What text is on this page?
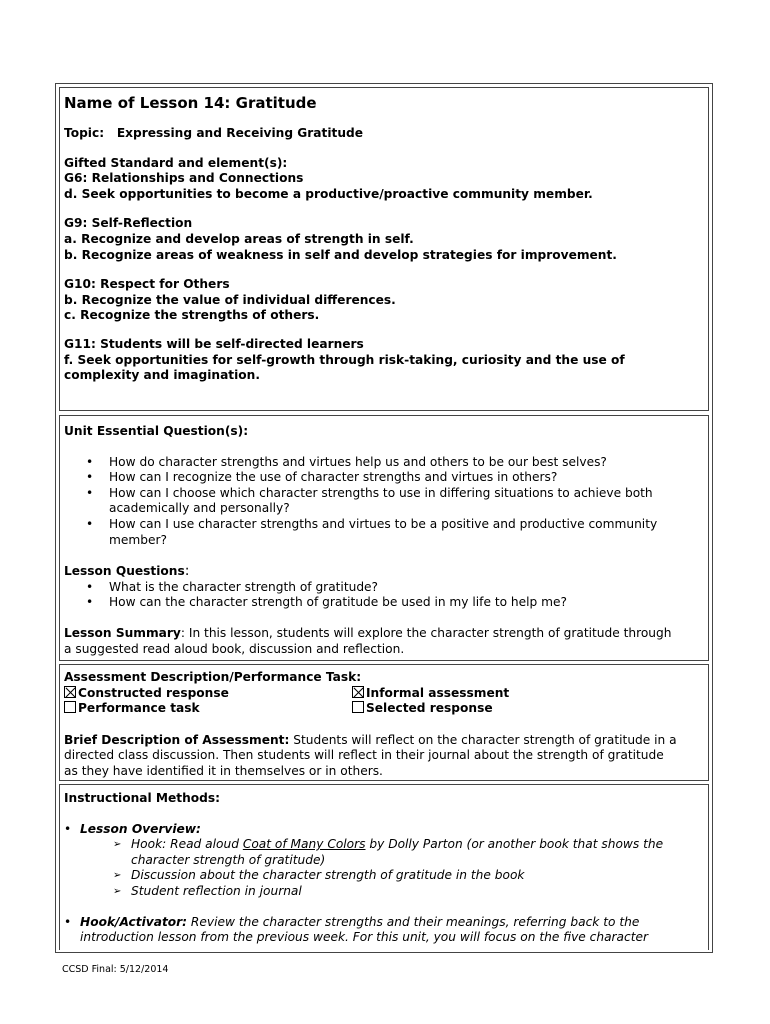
Name of Lesson 14: Gratitude

Topic: Expressing and Receiving Gratitude

Gifted Standard and element(s):

G6: Relationships and Connections

d. Seek opportunities to become a productive/proactive community member.

G9: Self-Reflection

a. Recognize and develop areas of strength in self.

b. Recognize areas of weakness in self and develop strategies for improvement.

G10: Respect for Others

b. Recognize the value of individual differences.

c. Recognize the strengths of others.

G11: Students will be self-directed learners

f. Seek opportunities for self-growth through risk-taking, curiosity and the use of

complexity and imagination.

Unit Essential Question(s):

• How do character strengths and virtues help us and others to be our best selves?
• How can I recognize the use of character strengths and virtues in others?
• How can I choose which character strengths to use in differing situations to achieve both
academically and personally?
• How can I use character strengths and virtues to be a positive and productive community
member?

Lesson Questions:

• What is the character strength of gratitude?
• How can the character strength of gratitude be used in my life to help me?

Lesson Summary: In this lesson, students will explore the character strength of gratitude through
a suggested read aloud book, discussion and reflection.

Assessment Description/Performance Task:

Constructed response	Informal assessment
Performance task	Selected response

Brief Description of Assessment: Students will reflect on the character strength of gratitude in a
directed class discussion. Then students will reflect in their journal about the strength of gratitude
as they have identified it in themselves or in others.

Instructional Methods:

• Lesson Overview:
➢ Hook: Read aloud Coat of Many Colors by Dolly Parton (or another book that shows the
character strength of gratitude)
➢ Discussion about the character strength of gratitude in the book
➢ Student reflection in journal
• Hook/Activator: Review the character strengths and their meanings, referring back to the
introduction lesson from the previous week. For this unit, you will focus on the five character
CCSD Final: 5/12/2014
